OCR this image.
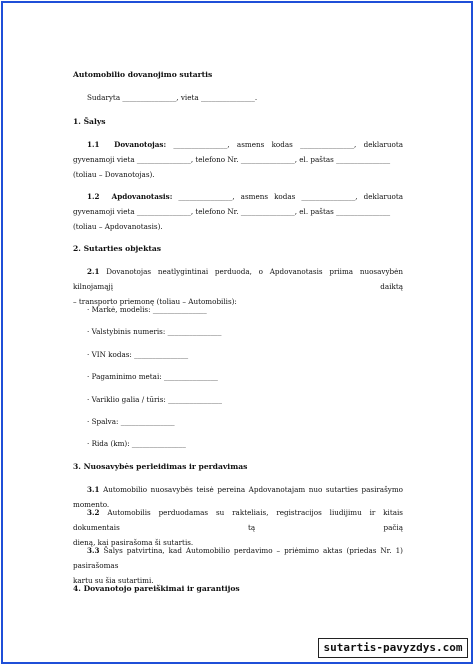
Automobilio dovanojimo sutartis
Sudaryta _______________, vieta _______________.
1. Šalys
1.1 Dovanotojas: _______________, asmens kodas _______________, deklaruota
gyvenamoji vieta _______________, telefono Nr. _______________, el. paštas _______________
(toliau – Dovanotojas).
1.2 Apdovanotasis: _______________, asmens kodas _______________, deklaruota
gyvenamoji vieta _______________, telefono Nr. _______________, el. paštas _______________
(toliau – Apdovanotasis).
2. Sutarties objektas
2.1 Dovanotojas neatlygintinai perduoda, o Apdovanotasis priima nuosavybėn kilnojamąjį daiktą
– transporto priemonę (toliau – Automobilis):
· Markė, modelis: _______________
· Valstybinis numeris: _______________
· VIN kodas: _______________
· Pagaminimo metai: _______________
· Variklio galia / tūris: _______________
· Spalva: _______________
· Rida (km): _______________
3. Nuosavybės perleidimas ir perdavimas
3.1 Automobilio nuosavybės teisė pereina Apdovanotajam nuo sutarties pasirašymo momento.
3.2 Automobilis perduodamas su rakteliais, registracijos liudijimu ir kitais dokumentais tą pačią
dieną, kai pasirašoma ši sutartis.
3.3 Šalys patvirtina, kad Automobilio perdavimo – priėmimo aktas (priedas Nr. 1) pasirašomas
kartu su šia sutartimi.
4. Dovanotojo pareiškimai ir garantijos
sutartis-pavyzdys.com
